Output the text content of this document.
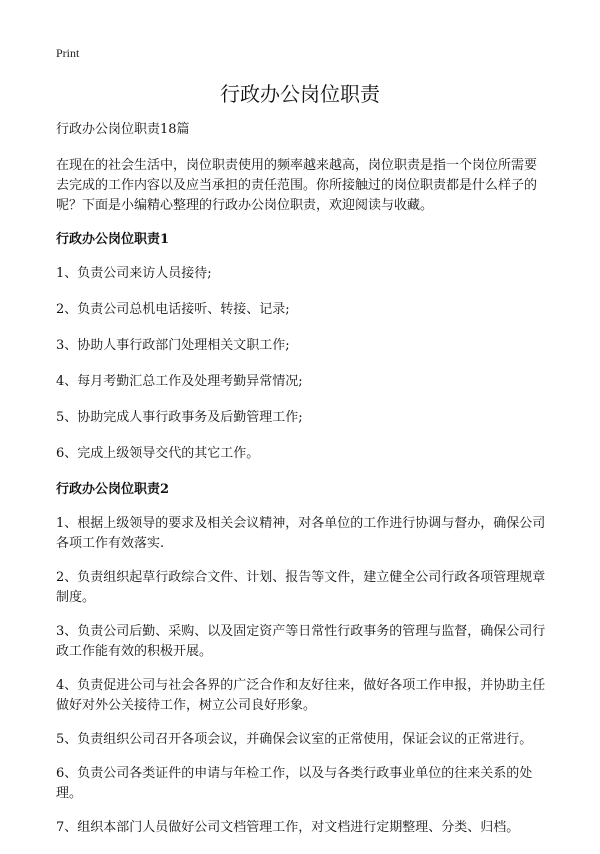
Print
行政办公岗位职责

行政办公岗位职责18篇

在现在的社会生活中，岗位职责使用的频率越来越高，岗位职责是指一个岗位所需要去完成的工作内容以及应当承担的责任范围。你所接触过的岗位职责都是什么样子的呢？下面是小编精心整理的行政办公岗位职责，欢迎阅读与收藏。

行政办公岗位职责1

1、负责公司来访人员接待;

2、负责公司总机电话接听、转接、记录;

3、协助人事行政部门处理相关文职工作;

4、每月考勤汇总工作及处理考勤异常情况;

5、协助完成人事行政事务及后勤管理工作;

6、完成上级领导交代的其它工作。

行政办公岗位职责2

1、根据上级领导的要求及相关会议精神，对各单位的工作进行协调与督办，确保公司各项工作有效落实.

2、负责组织起草行政综合文件、计划、报告等文件，建立健全公司行政各项管理规章制度。

3、负责公司后勤、采购、以及固定资产等日常性行政事务的管理与监督，确保公司行政工作能有效的积极开展。

4、负责促进公司与社会各界的广泛合作和友好往来，做好各项工作申报，并协助主任做好对外公关接待工作，树立公司良好形象。

5、负责组织公司召开各项会议，并确保会议室的正常使用，保证会议的正常进行。

6、负责公司各类证件的申请与年检工作，以及与各类行政事业单位的往来关系的处理。

7、组织本部门人员做好公司文档管理工作，对文档进行定期整理、分类、归档。
